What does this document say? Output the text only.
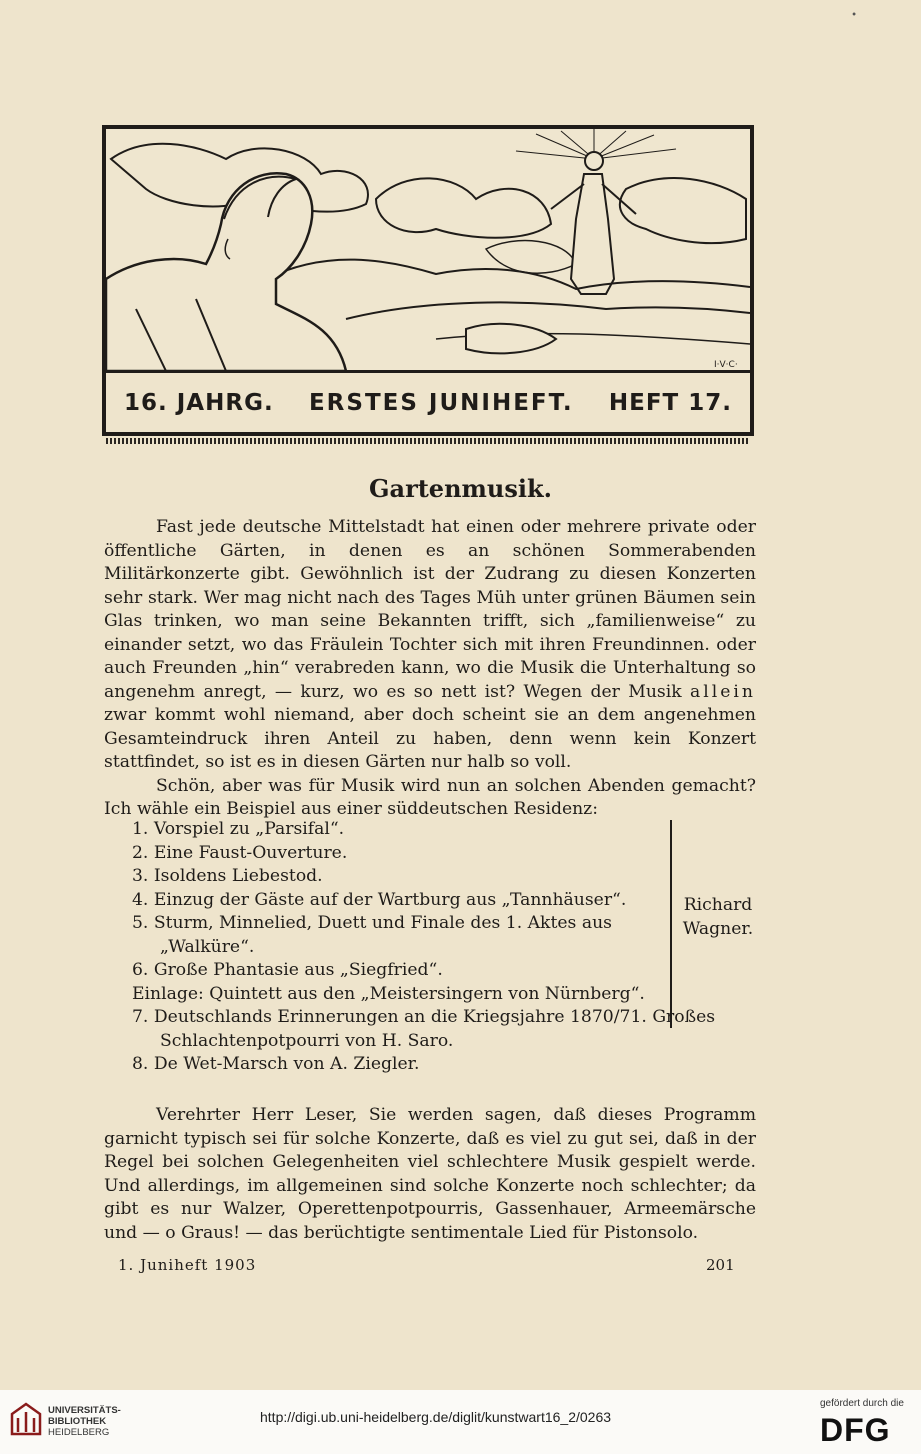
•
I·V·C·
16. JAHRG. ERSTES JUNIHEFT. HEFT 17.
Gartenmusik.

Fast jede deutsche Mittelstadt hat einen oder mehrere private oder öffentliche Gärten, in denen es an schönen Sommerabenden Militärkonzerte gibt. Gewöhnlich ist der Zudrang zu diesen Konzerten sehr stark. Wer mag nicht nach des Tages Müh unter grünen Bäumen sein Glas trinken, wo man seine Bekannten trifft, sich „familienweise“ zu einander setzt, wo das Fräulein Tochter sich mit ihren Freundinnen. oder auch Freunden „hin“ verabreden kann, wo die Musik die Unterhaltung so angenehm anregt, — kurz, wo es so nett ist? Wegen der Musik allein zwar kommt wohl niemand, aber doch scheint sie an dem angenehmen Gesamteindruck ihren Anteil zu haben, denn wenn kein Konzert stattfindet, so ist es in diesen Gärten nur halb so voll.

Schön, aber was für Musik wird nun an solchen Abenden gemacht? Ich wähle ein Beispiel aus einer süddeutschen Residenz:

1. Vorspiel zu „Parsifal“.
2. Eine Faust-Ouverture.
3. Isoldens Liebestod.
4. Einzug der Gäste auf der Wartburg aus „Tannhäuser“.
5. Sturm, Minnelied, Duett und Finale des 1. Aktes aus „Walküre“.
6. Große Phantasie aus „Siegfried“.
Einlage: Quintett aus den „Meistersingern von Nürnberg“.
Richard
Wagner.
7. Deutschlands Erinnerungen an die Kriegsjahre 1870/71. Großes Schlachtenpotpourri von H. Saro.
8. De Wet-Marsch von A. Ziegler.

Verehrter Herr Leser, Sie werden sagen, daß dieses Programm garnicht typisch sei für solche Konzerte, daß es viel zu gut sei, daß in der Regel bei solchen Gelegenheiten viel schlechtere Musik gespielt werde. Und allerdings, im allgemeinen sind solche Konzerte noch schlechter; da gibt es nur Walzer, Operettenpotpourris, Gassenhauer, Armeemärsche und — o Graus! — das berüchtigte sentimentale Lied für Pistonsolo.

1. Juniheft 1903	201
UNIVERSITÄTS-
BIBLIOTHEK
HEIDELBERG
http://digi.ub.uni-heidelberg.de/diglit/kunstwart16_2/0263
gefördert durch die
DFG
